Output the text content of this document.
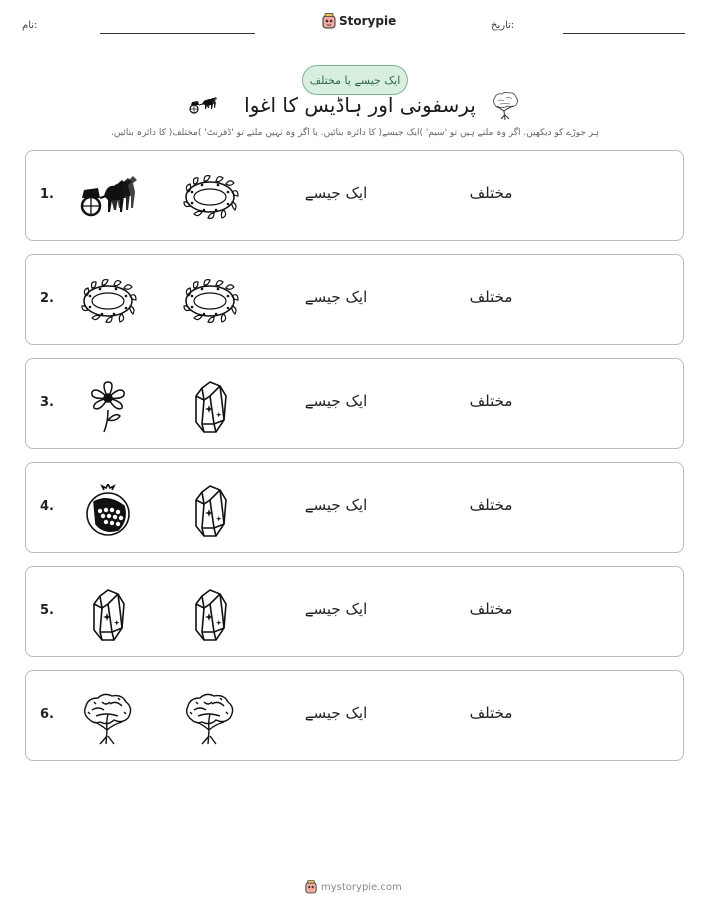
نام:	Storypie	تاریخ:
ایک جیسے یا مختلف
پرسفونی اور ہاڈیس کا اغوا
ہر جوڑے کو دیکھیں. اگر وہ ملتے ہیں تو 'سیم' )ایک جیسے( کا دائرہ بنائیں. یا اگر وہ نہیں ملتے تو 'ڈفرنٹ' )مختلف( کا دائرہ بنائیں.
1.	ایک جیسے	مختلف
2.	ایک جیسے	مختلف
3.	ایک جیسے	مختلف
4.	ایک جیسے	مختلف
5.	ایک جیسے	مختلف
6.	ایک جیسے	مختلف
mystorypie.com
